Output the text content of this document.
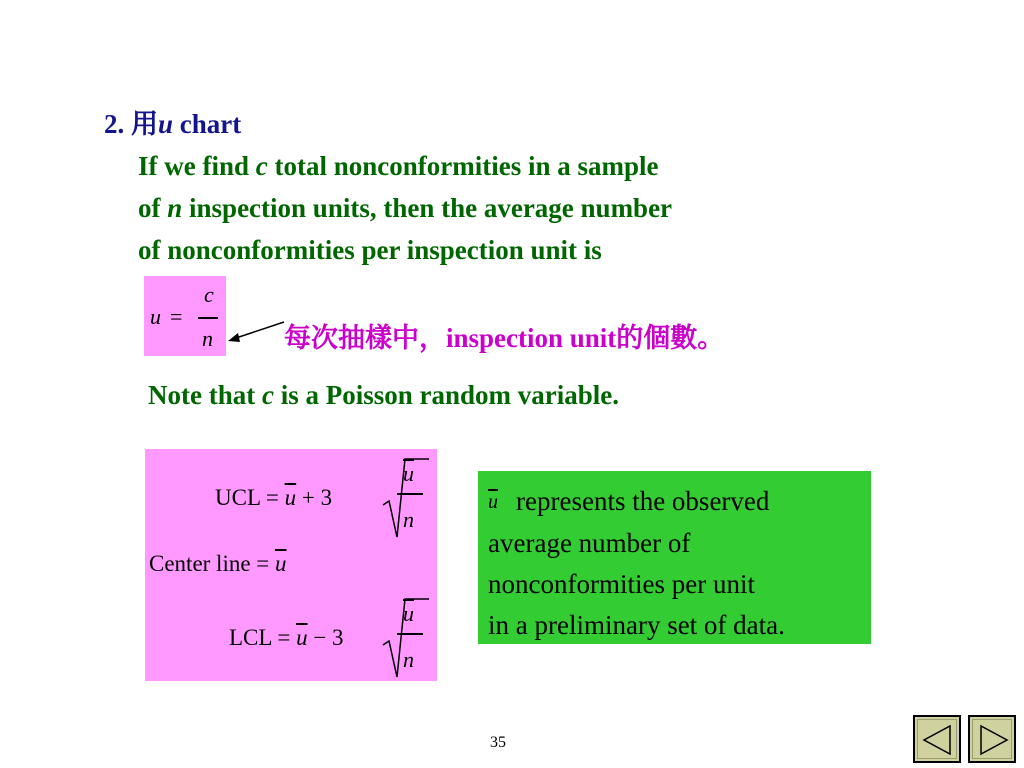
2. 用u chart
If we find c total nonconformities in a sample
of n inspection units, then the average number
of nonconformities per inspection unit is
u =
c
n	每次抽樣中，inspection unit的個數。
Note that c is a Poisson random variable.
UCL = $\overline{u} + 3$
$\overline{u}$
n
Center line = $\overline{u}$
LCL = $\overline{u} - 3$
$\overline{u}$
n
$\overline{u}$ represents the observed
average number of
nonconformities per unit
in a preliminary set of data.
35
